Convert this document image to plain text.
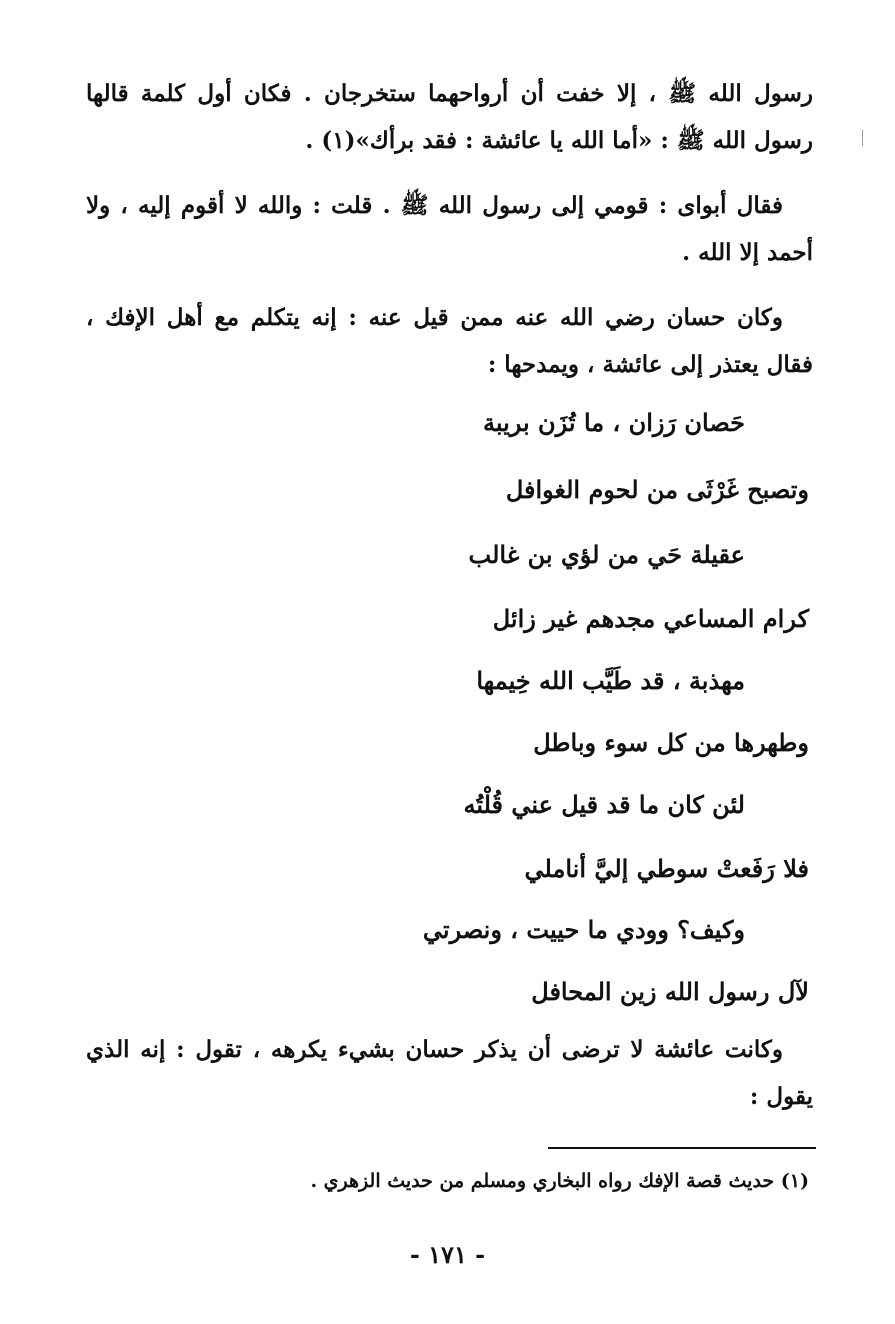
رسول الله ﷺ ، إلا خفت أن أرواحهما ستخرجان . فكان أول كلمة قالها رسول الله ﷺ : «أما الله يا عائشة : فقد برأك»(١) .
فقال أبواى : قومي إلى رسول الله ﷺ . قلت : والله لا أقوم إليه ، ولا أحمد إلا الله .
وكان حسان رضي الله عنه ممن قيل عنه : إنه يتكلم مع أهل الإفك ، فقال يعتذر إلى عائشة ، ويمدحها :
حَصان رَزان ، ما تُزَن بريبة
وتصبح غَرْثَى من لحوم الغوافل
عقيلة حَي من لؤي بن غالب
كرام المساعي مجدهم غير زائل
مهذبة ، قد طَيَّب الله خِيمها
وطهرها من كل سوء وباطل
لئن كان ما قد قيل عني قُلْتُه
فلا رَفَعتْ سوطي إليَّ أناملي
وكيف؟ وودي ما حييت ، ونصرتي
لآل رسول الله زين المحافل
وكانت عائشة لا ترضى أن يذكر حسان بشيء يكرهه ، تقول : إنه الذي يقول :
(١) حديث قصة الإفك رواه البخاري ومسلم من حديث الزهري .
- ١٧١ -
